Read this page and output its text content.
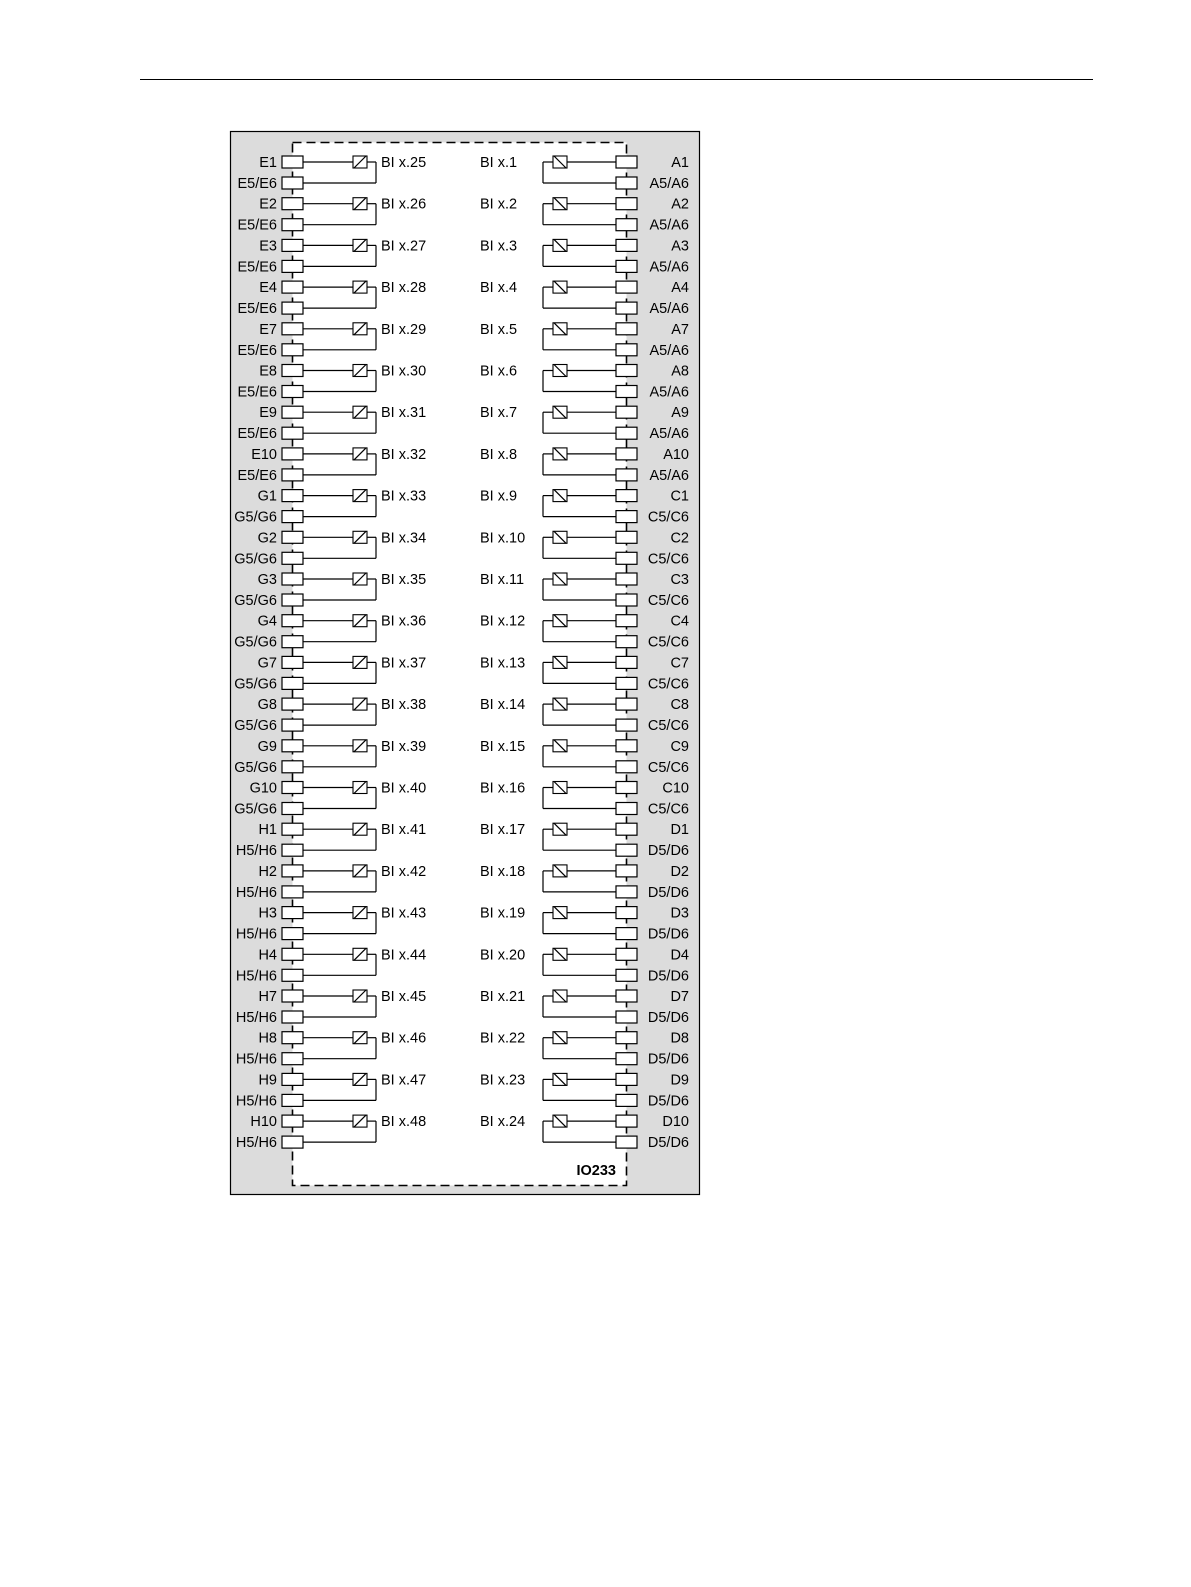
E1
E5/E6
BI x.25
E2
E5/E6
BI x.26
E3
E5/E6
BI x.27
E4
E5/E6
BI x.28
E7
E5/E6
BI x.29
E8
E5/E6
BI x.30
E9
E5/E6
BI x.31
E10
E5/E6
BI x.32
G1
G5/G6
BI x.33
G2
G5/G6
BI x.34
G3
G5/G6
BI x.35
G4
G5/G6
BI x.36
G7
G5/G6
BI x.37
G8
G5/G6
BI x.38
G9
G5/G6
BI x.39
G10
G5/G6
BI x.40
H1
H5/H6
BI x.41
H2
H5/H6
BI x.42
H3
H5/H6
BI x.43
H4
H5/H6
BI x.44
H7
H5/H6
BI x.45
H8
H5/H6
BI x.46
H9
H5/H6
BI x.47
H10
H5/H6
BI x.48
BI x.1	A1
A5/A6
BI x.2	A2
A5/A6
BI x.3	A3
A5/A6
BI x.4	A4
A5/A6
BI x.5	A7
A5/A6
BI x.6	A8
A5/A6
BI x.7	A9
A5/A6
BI x.8	A10
A5/A6
BI x.9	C1
C5/C6
BI x.10	C2
C5/C6
BI x.11	C3
C5/C6
BI x.12	C4
C5/C6
BI x.13	C7
C5/C6
BI x.14	C8
C5/C6
BI x.15	C9
C5/C6
BI x.16	C10
C5/C6
BI x.17	D1
D5/D6
BI x.18	D2
D5/D6
BI x.19	D3
D5/D6
BI x.20	D4
D5/D6
BI x.21	D7
D5/D6
BI x.22	D8
D5/D6
BI x.23	D9
D5/D6
BI x.24	D10
D5/D6
IO233
